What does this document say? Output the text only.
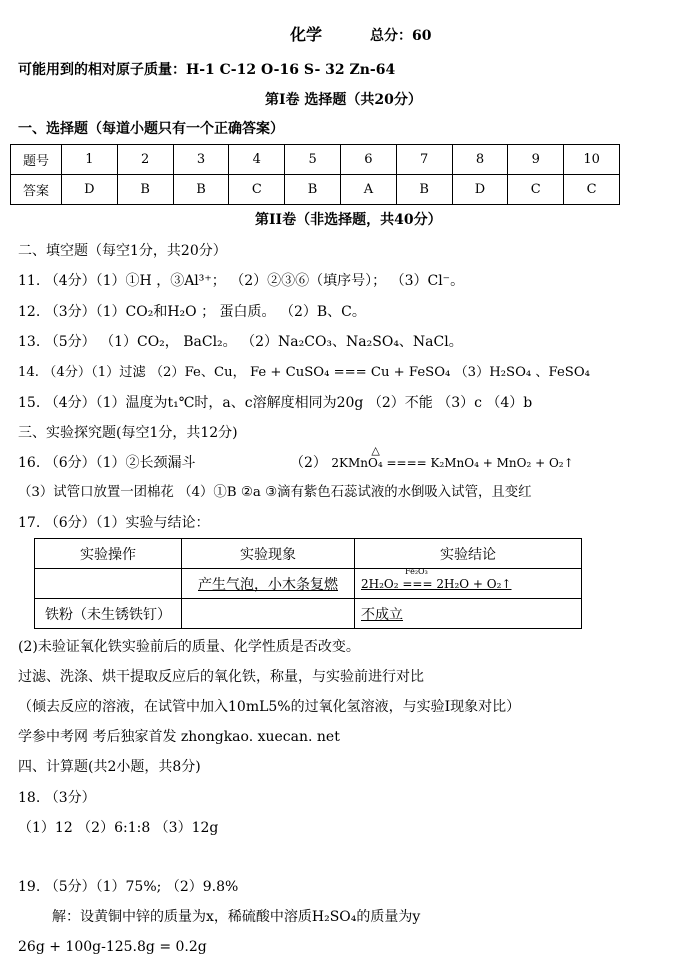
化学	总分：60
可能用到的相对原子质量：H-1 C-12 O-16 S- 32 Zn-64
第Ⅰ卷 选择题（共20分）
一、选择题（每道小题只有一个正确答案）
题号	1	2	3	4	5	6	7	8	9	10
答案	D	B	B	C	B	A	B	D	C	C
第II卷（非选择题，共40分）
二、填空题（每空1分，共20分）
11. （4分）（1）①H ，③Al³⁺； （2）②③⑥（填序号）； （3）Cl⁻。
12. （3分）（1）CO₂和H₂O ； 蛋白质。 （2）B、C。
13. （5分） （1）CO₂， BaCl₂。 （2）Na₂CO₃、Na₂SO₄、NaCl。
14. （4分）（1）过滤 （2）Fe、Cu， Fe + CuSO₄ === Cu + FeSO₄ （3）H₂SO₄ 、FeSO₄
15. （4分）（1）温度为t₁℃时，a、c溶解度相同为20g （2）不能 （3）c （4）b
三、实验探究题(每空1分，共12分)
16. （6分）（1）②长颈漏斗	（2）
△
2KMnO₄ ==== K₂MnO₄ + MnO₂ + O₂↑
（3）试管口放置一团棉花 （4）①B ②a ③滴有紫色石蕊试液的水倒吸入试管，且变红
17. （6分）（1）实验与结论：
实验操作	实验现象	实验结论
	产生气泡，小木条复燃	Fe₂O₃
2H₂O₂ === 2H₂O + O₂↑
铁粉（未生锈铁钉）		不成立
(2)未验证氧化铁实验前后的质量、化学性质是否改变。
过滤、洗涤、烘干提取反应后的氧化铁，称量，与实验前进行对比
（倾去反应的溶液，在试管中加入10mL5%的过氧化氢溶液，与实验Ⅰ现象对比）
学参中考网 考后独家首发 zhongkao. xuecan. net
四、计算题(共2小题，共8分)
18. （3分）
（1）12 （2）6:1:8 （3）12g
19. （5分）（1）75%; （2）9.8%
解：设黄铜中锌的质量为x，稀硫酸中溶质H₂SO₄的质量为y
26g + 100g-125.8g = 0.2g
